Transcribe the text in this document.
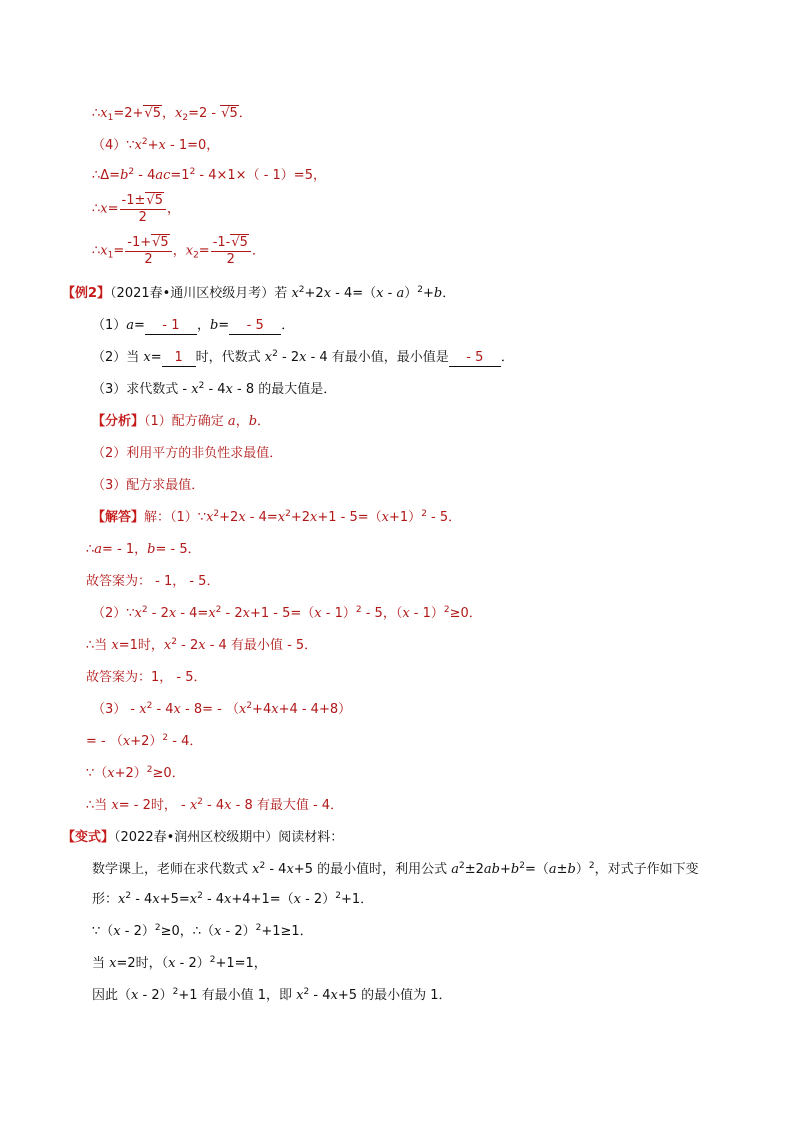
$\therefore x_1=2+√5$，$x_2=2 - √5$．
$(4)\because x^2+x - 1=0$，
$\therefore\Delta=b^2 - 4ac=1^2 - 4\times 1\times( - 1)=5$，
∴x= $\frac{-1\pm√5}{2}$ ，
$\therefore x_1= \frac{-1+√5}{2}$ ，$x_2= \frac{-1-√5}{2}$ ．
【例2】（2021春•通川区校级月考）若 $x^2+2x - 4=(x - a)^2+b$．
（1）a= - 1 ，b= - 5 ．
（2）当 x= 1 时，代数式 $x^2 - 2x - 4$ 有最小值，最小值是 - 5 ．
（3）求代数式 - $x^2 - 4x - 8$ 的最大值是．
【分析】（1）配方确定 a，b．
（2）利用平方的非负性求最值．
（3）配方求最值．
【解答】解：$(1)\because x^2+2x - 4=x^2+2x+1 - 5=(x+1)^2 - 5$．
∴a= - 1，b= - 5．
故答案为： - 1， - 5．
$(2)\because x^2 - 2x - 4=x^2 - 2x+1 - 5=(x - 1)^2 - 5$，（x - 1）$^2$≥0．
∴当 x=1时，$x^2 - 2x - 4$ 有最小值 - 5．
故答案为：1， - 5．
$(3) - x^2 - 4x - 8= - (x^2+4x+4 - 4+8)$
= - $(x+2)^2 - 4$．
$\because(x+2)^2\ge 0$．
∴当 x= - 2时， - $x^2 - 4x - 8$ 有最大值 - 4．
【变式】（2022春•润州区校级期中）阅读材料：
数学课上，老师在求代数式 $x^2 - 4x+5$ 的最小值时，利用公式 $a^2\pm 2ab+b^2=(a\pm b)^2$，对式子作如下变
形：$x^2 - 4x+5=x^2 - 4x+4+1=(x - 2)^2+1$．
∵（x - 2）$^2$≥0，∴（x - 2）$^2$+1≥1．
当 x=2时，（x - 2）$^2$+1=1，
因此（x - 2）$^2$+1 有最小值 1，即 $x^2 - 4x+5$ 的最小值为 1．
